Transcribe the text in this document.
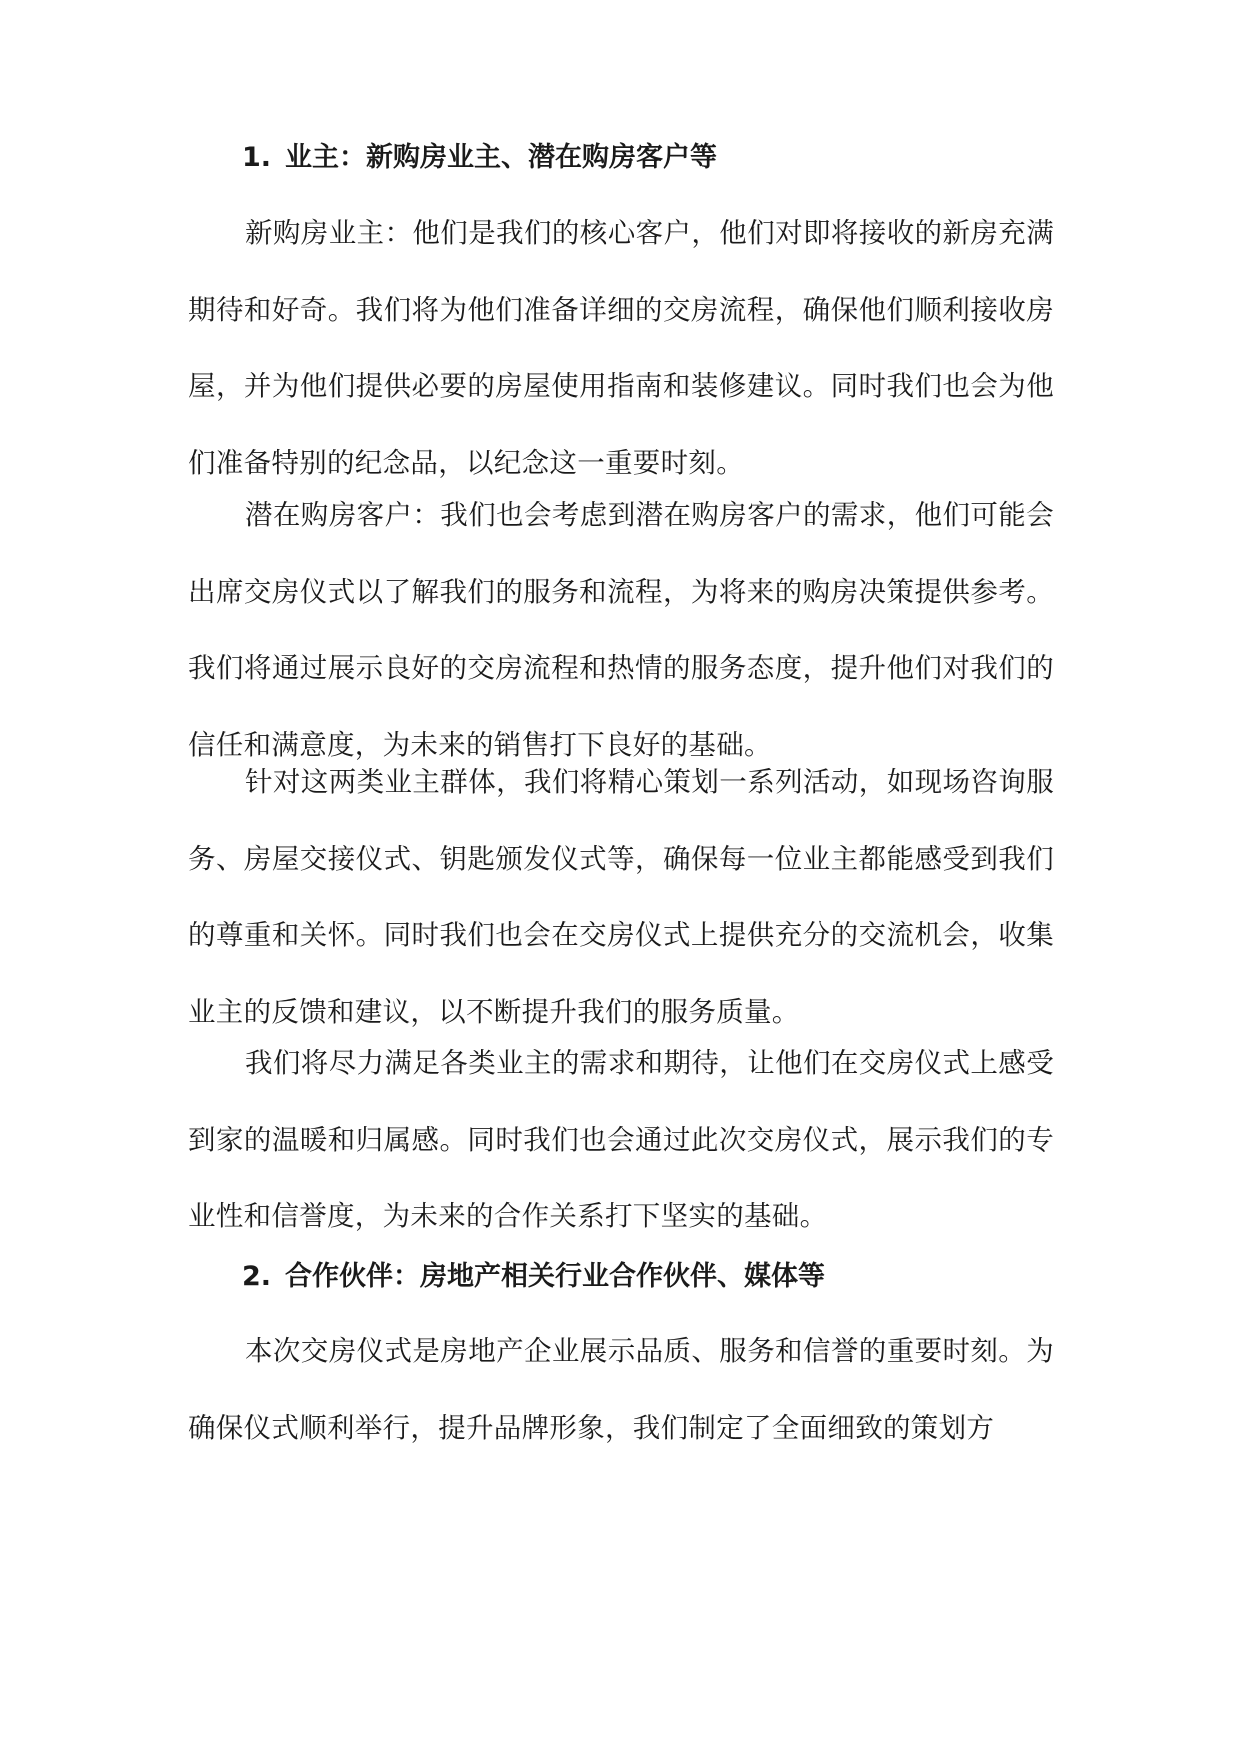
1. 业主：新购房业主、潜在购房客户等

新购房业主：他们是我们的核心客户，他们对即将接收的新房充满期待和好奇。我们将为他们准备详细的交房流程，确保他们顺利接收房屋，并为他们提供必要的房屋使用指南和装修建议。同时我们也会为他们准备特别的纪念品，以纪念这一重要时刻。

潜在购房客户：我们也会考虑到潜在购房客户的需求，他们可能会出席交房仪式以了解我们的服务和流程，为将来的购房决策提供参考。我们将通过展示良好的交房流程和热情的服务态度，提升他们对我们的信任和满意度，为未来的销售打下良好的基础。

针对这两类业主群体，我们将精心策划一系列活动，如现场咨询服务、房屋交接仪式、钥匙颁发仪式等，确保每一位业主都能感受到我们的尊重和关怀。同时我们也会在交房仪式上提供充分的交流机会，收集业主的反馈和建议，以不断提升我们的服务质量。

我们将尽力满足各类业主的需求和期待，让他们在交房仪式上感受到家的温暖和归属感。同时我们也会通过此次交房仪式，展示我们的专业性和信誉度，为未来的合作关系打下坚实的基础。

2. 合作伙伴：房地产相关行业合作伙伴、媒体等

本次交房仪式是房地产企业展示品质、服务和信誉的重要时刻。为确保仪式顺利举行，提升品牌形象，我们制定了全面细致的策划方
